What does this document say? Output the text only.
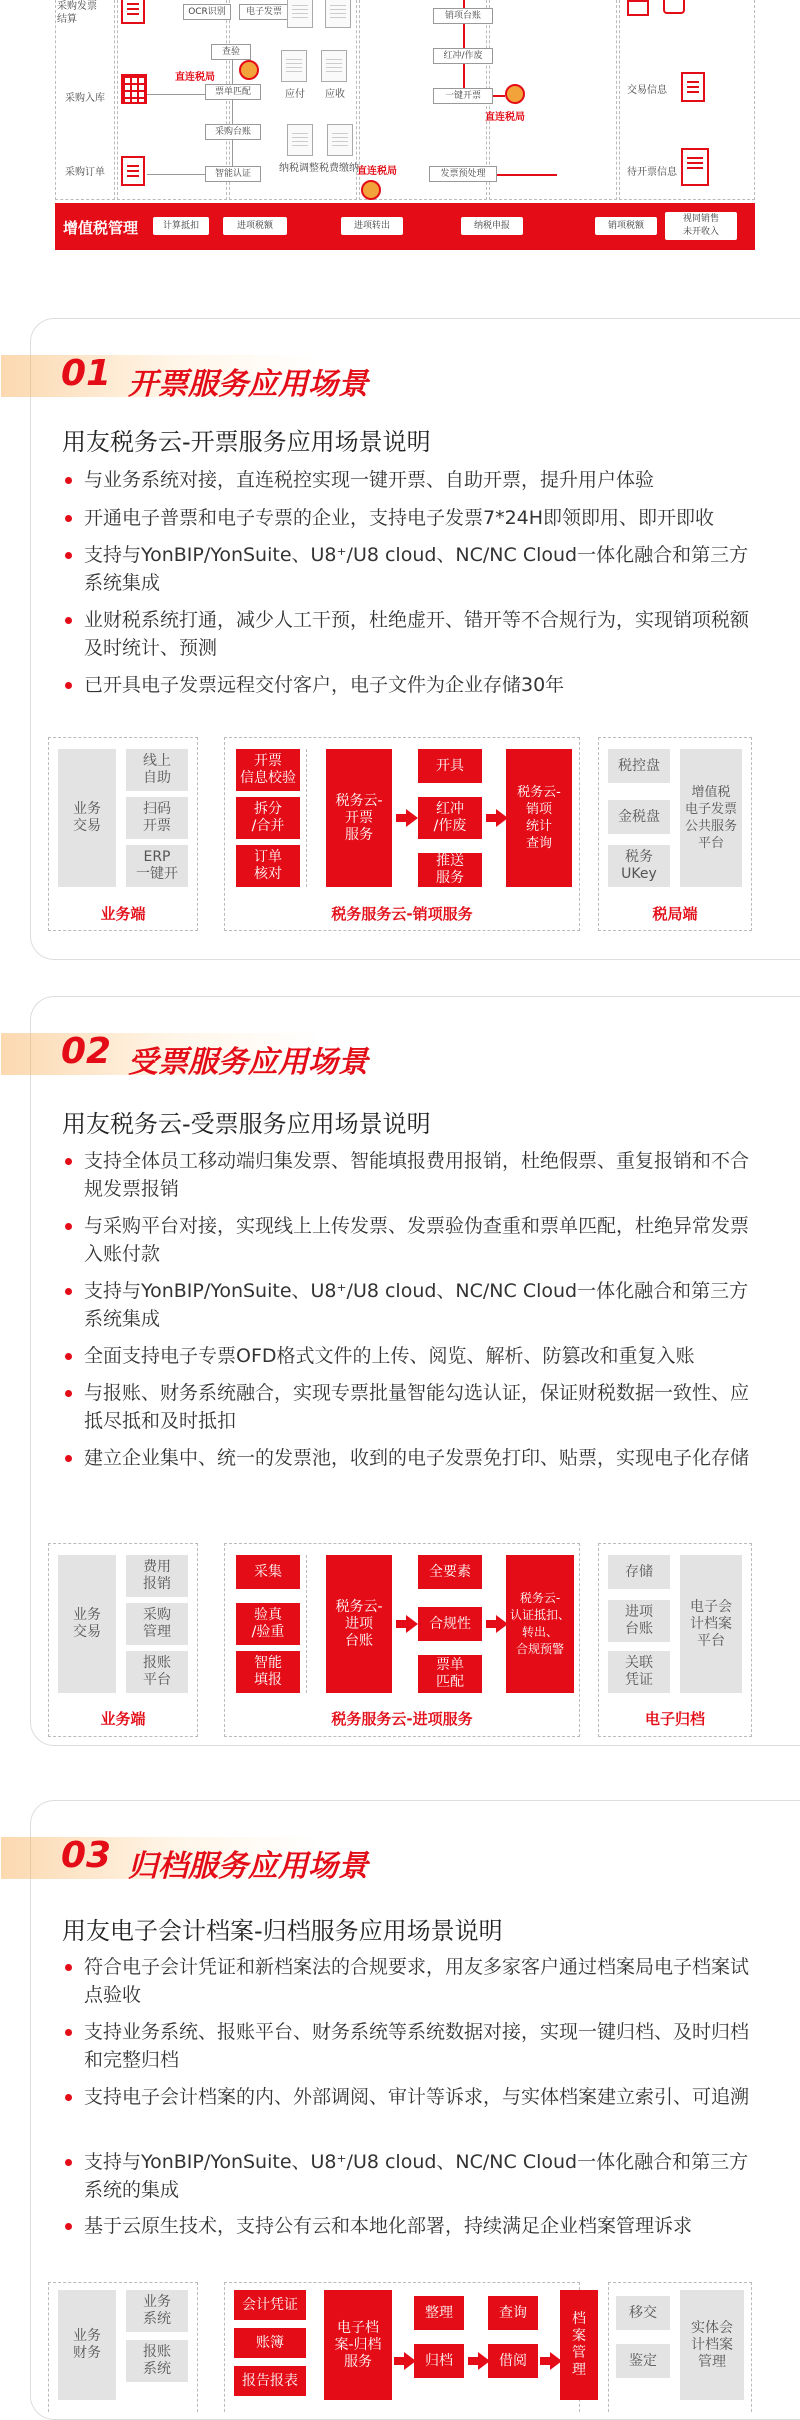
采购发票
结算
采购入库
采购订单
OCR识别	电子发票
查验
直连税局
票单匹配
采购台账
智能认证
应付
纳税调整
应收
税费缴纳
直连税局
销项台账
红冲/作废
一键开票
发票预处理
直连税局
交易信息
待开票信息
增值税管理	计算抵扣	进项税额	进项转出	纳税申报	销项税额
视同销售
未开收入
01 开票服务应用场景
用友税务云-开票服务应用场景说明
与业务系统对接，直连税控实现一键开票、自助开票，提升用户体验
开通电子普票和电子专票的企业，支持电子发票7*24H即领即用、即开即收
支持与YonBIP/YonSuite、U8⁺/U8 cloud、NC/NC Cloud一体化融合和第三方系统集成
业财税系统打通，减少人工干预，杜绝虚开、错开等不合规行为，实现销项税额及时统计、预测
已开具电子发票远程交付客户，电子文件为企业存储30年
业务
交易
线上
自助
扫码
开票
ERP
一键开
业务端
开票
信息校验
拆分
/合并
订单
核对
税务云-
开票
服务
开具
红冲
/作废
推送
服务
税务云-
销项
统计
查询
税务服务云-销项服务
税控盘
金税盘
税务
UKey
增值税
电子发票
公共服务
平台
税局端
02 受票服务应用场景
用友税务云-受票服务应用场景说明
支持全体员工移动端归集发票、智能填报费用报销，杜绝假票、重复报销和不合规发票报销
与采购平台对接，实现线上上传发票、发票验伪查重和票单匹配，杜绝异常发票入账付款
支持与YonBIP/YonSuite、U8⁺/U8 cloud、NC/NC Cloud一体化融合和第三方系统集成
全面支持电子专票OFD格式文件的上传、阅览、解析、防篡改和重复入账
与报账、财务系统融合，实现专票批量智能勾选认证，保证财税数据一致性、应抵尽抵和及时抵扣
建立企业集中、统一的发票池，收到的电子发票免打印、贴票，实现电子化存储
业务
交易
费用
报销
采购
管理
报账
平台
业务端
采集
验真
/验重
智能
填报
税务云-
进项
台账
全要素
合规性
票单
匹配
税务云-
认证抵扣、
转出、
合规预警
税务服务云-进项服务
存储
进项
台账
关联
凭证
电子会
计档案
平台
电子归档
03 归档服务应用场景
用友电子会计档案-归档服务应用场景说明
符合电子会计凭证和新档案法的合规要求，用友多家客户通过档案局电子档案试点验收
支持业务系统、报账平台、财务系统等系统数据对接，实现一键归档、及时归档和完整归档
支持电子会计档案的内、外部调阅、审计等诉求，与实体档案建立索引、可追溯
支持与YonBIP/YonSuite、U8⁺/U8 cloud、NC/NC Cloud一体化融合和第三方系统的集成
基于云原生技术，支持公有云和本地化部署，持续满足企业档案管理诉求
业务
财务
业务
系统
报账
系统
会计凭证
账簿
报告报表
电子档
案-归档
服务
整理
归档
查询
借阅
档
案
管
理
移交
鉴定
实体会
计档案
管理
